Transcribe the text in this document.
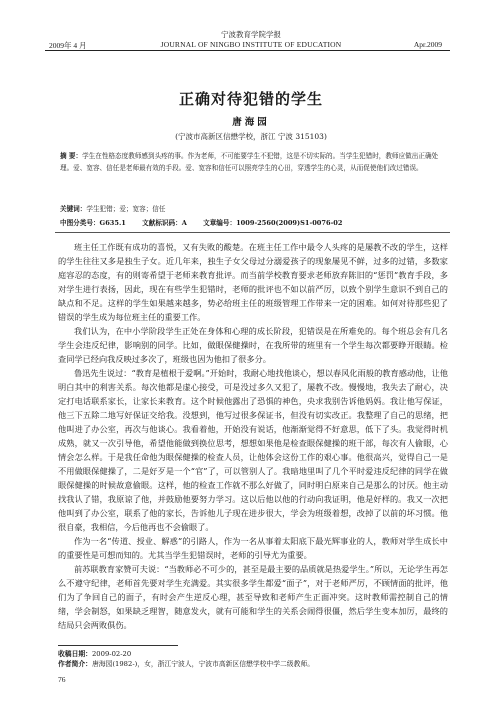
宁波教育学院学报
2009年 4 月	JOURNAL OF NINGBO INSTITUTE OF EDUCATION	Apr.2009
正确对待犯错的学生
唐海园
(宁波市高新区信懋学校，浙江 宁波 315103)
摘 要：学生在性格态度教师感到头疼的事。作为老师，不可能要学生不犯错，这是不切实际的。当学生犯错时，教师应做出正确处理。爱、宽容、信任是老师最有效的手段。爱、宽容和信任可以照亮学生的心田，穿透学生的心灵，从而促使他们改过错误。
关键词：学生犯错；爱；宽容；信任
中图分类号：G635.1 文献标识码：A 文章编号：1009-2560(2009)S1-0076-02

班主任工作既有成功的喜悦，又有失败的酸楚。在班主任工作中最令人头疼的是屡教不改的学生，这样的学生往往又多是独生子女。近几年来，独生子女父母过分溺爱孩子的现象屡见不鲜，过多的过错，多数家庭容忍的态度，有的则寄希望于老师来教育批评。而当前学校教育要求老师放弃陈旧的“惩罚”教育手段，多对学生进行表扬，因此，现在有些学生犯错时，老师的批评也不如以前严厉，以致个别学生意识不到自己的缺点和不足。这样的学生如果越来越多，势必给班主任的班级管理工作带来一定的困难。如何对待那些犯了错误的学生成为每位班主任的重要工作。

我们认为，在中小学阶段学生正处在身体和心理的成长阶段，犯错误是在所难免的。每个班总会有几名学生会违反纪律，影响别的同学。比如，做眼保健操时，在我所带的班里有一个学生每次都要睁开眼睛。检查同学已经向我反映过多次了，班级也因为他扣了很多分。

鲁迅先生说过：“教育是植根于爱啊。”开始时，我耐心地找他谈心，想以春风化雨般的教育感动他，让他明白其中的利害关系。每次他都是虚心接受，可是没过多久又犯了，屡教不改。慢慢地，我失去了耐心，决定打电话联系家长，让家长来教育。这个时候他露出了恐惧的神色，央求我别告诉他妈妈。我让他写保证，他三下五除二地写好保证交给我。没想到，他写过很多保证书，但没有切实改正。我整理了自己的思绪，把他叫进了办公室，再次与他谈心。我看着他，开始没有说话，他渐渐觉得不好意思，低下了头。我觉得时机成熟，就又一次引导他，希望他能做到换位思考，想想如果他是检查眼保健操的班干部，每次有人偷眼，心情会怎么样。于是我任命他为眼保健操的检查人员，让他体会这份工作的艰心事。他很高兴，觉得自己一是不用做眼保健操了，二是好歹是一个“官”了，可以管别人了。我暗地里叫了几个平时爱违反纪律的同学在做眼保健操的时候故意偷眼。这样，他的检查工作就不那么好做了，同时明白原来自己是那么的讨厌。他主动找我认了错，我原谅了他，并鼓励他要努力学习。这以后他以他的行动向我证明，他是好样的。我又一次把他叫到了办公室，联系了他的家长，告诉他儿子现在进步很大，学会为班级着想，改掉了以前的坏习惯。他很自豪，我相信，今后他再也不会偷眼了。

作为一名“传道、授业、解惑”的引路人，作为一名从事着太阳底下最光辉事业的人，教师对学生成长中的重要性是可想而知的。尤其当学生犯错误时，老师的引导尤为重要。

前苏联教育家赞可夫说：“当教师必不可少的，甚至是最主要的品质就是热爱学生。”所以，无论学生再怎么不遵守纪律，老师首先要对学生充满爱。其实很多学生都爱“面子”，对于老师严厉，不顾情面的批评，他们为了争回自己的面子，有时会产生逆反心理，甚至导致和老师产生正面冲突。这时教师需控制自己的情绪，学会制怒，如果缺乏理智，随意发火，就有可能和学生的关系会闹得很僵，然后学生变本加厉，最终的结局只会两败俱伤。

收稿日期：2009-02-20
作者简介：唐海园(1982-)，女，浙江宁波人，宁波市高新区信懋学校中学二级教师。
76
